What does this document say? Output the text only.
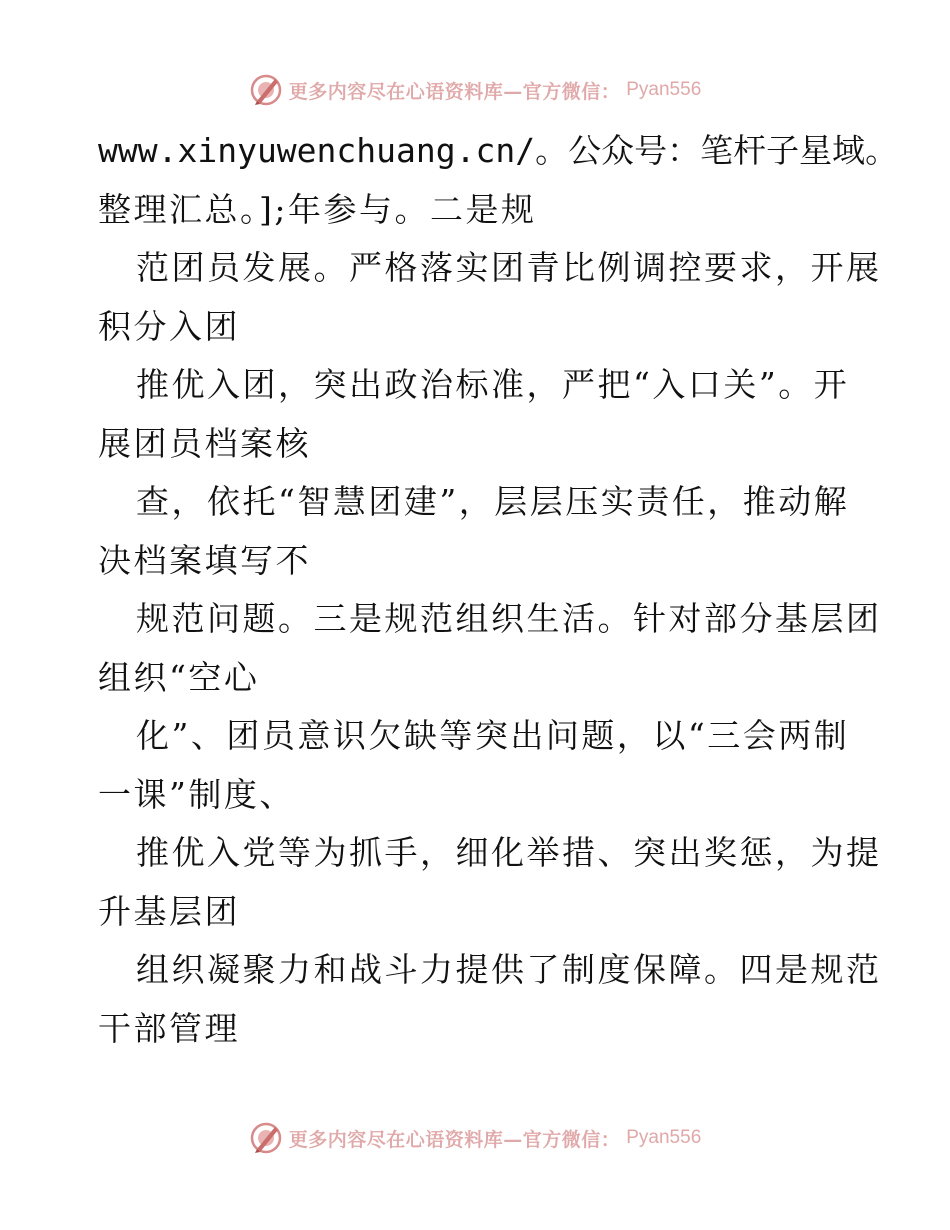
更多内容尽在心语资料库—官方微信： Pyan556
www.xinyuwenchuang.cn/。公众号：笔杆子星域。
整理汇总。];年参与。二是规
范团员发展。严格落实团青比例调控要求，开展
积分入团
推优入团，突出政治标准，严把“入口关”。开
展团员档案核
查，依托“智慧团建”，层层压实责任，推动解
决档案填写不
规范问题。三是规范组织生活。针对部分基层团
组织“空心
化”、团员意识欠缺等突出问题，以“三会两制
一课”制度、
推优入党等为抓手，细化举措、突出奖惩，为提
升基层团
组织凝聚力和战斗力提供了制度保障。四是规范
干部管理
更多内容尽在心语资料库—官方微信： Pyan556
